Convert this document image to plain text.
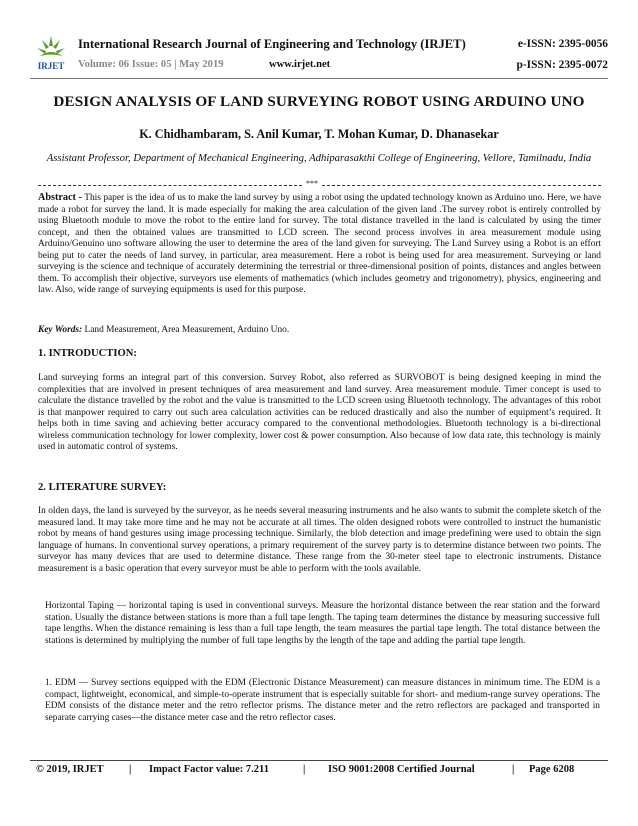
IRJET
International Research Journal of Engineering and Technology (IRJET)	e-ISSN: 2395-0056
Volume: 06 Issue: 05 | May 2019	www.irjet.net	p-ISSN: 2395-0072
DESIGN ANALYSIS OF LAND SURVEYING ROBOT USING ARDUINO UNO
K. Chidhambaram, S. Anil Kumar, T. Mohan Kumar, D. Dhanasekar
Assistant Professor, Department of Mechanical Engineering, Adhiparasakthi College of Engineering, Vellore, Tamilnadu, India
***
Abstract - This paper is the idea of us to make the land survey by using a robot using the updated technology known as Arduino uno. Here, we have made a robot for survey the land. It is made especially for making the area calculation of the given land .The survey robot is entirely controlled by using Bluetooth module to move the robot to the entire land for survey. The total distance travelled in the land is calculated by using the timer concept, and then the obtained values are transmitted to LCD screen. The second process involves in area measurement module using Arduino/Genuino uno software allowing the user to determine the area of the land given for surveying. The Land Survey using a Robot is an effort being put to cater the needs of land survey, in particular, area measurement. Here a robot is being used for area measurement. Surveying or land surveying is the science and technique of accurately determining the terrestrial or three-dimensional position of points, distances and angles between them. To accomplish their objective, surveyors use elements of mathematics (which includes geometry and trigonometry), physics, engineering and law. Also, wide range of surveying equipments is used for this purpose.
Key Words: Land Measurement, Area Measurement, Arduino Uno.
1. INTRODUCTION:
Land surveying forms an integral part of this conversion. Survey Robot, also referred as SURVOBOT is being designed keeping in mind the complexities that are involved in present techniques of area measurement and land survey. Area measurement module. Timer concept is used to calculate the distance travelled by the robot and the value is transmitted to the LCD screen using Bluetooth technology. The advantages of this robot is that manpower required to carry out such area calculation activities can be reduced drastically and also the number of equipment’s required. It helps both in time saving and achieving better accuracy compared to the conventional methodologies. Bluetooth technology is a bi-directional wireless communication technology for lower complexity, lower cost & power consumption. Also because of low data rate, this technology is mainly used in automatic control of systems.
2. LITERATURE SURVEY:
In olden days, the land is surveyed by the surveyor, as he needs several measuring instruments and he also wants to submit the complete sketch of the measured land. It may take more time and he may not be accurate at all times. The olden designed robots were controlled to instruct the humanistic robot by means of hand gestures using image processing technique. Similarly, the blob detection and image predefining were used to obtain the sign language of humans. In conventional survey operations, a primary requirement of the survey party is to determine distance between two points. The surveyor has many devices that are used to determine distance. These range from the 30-meter steel tape to electronic instruments. Distance measurement is a basic operation that every surveyor must be able to perform with the tools available.
Horizontal Taping — horizontal taping is used in conventional surveys. Measure the horizontal distance between the rear station and the forward station. Usually the distance between stations is more than a full tape length. The taping team determines the distance by measuring successive full tape lengths. When the distance remaining is less than a full tape length, the team measures the partial tape length. The total distance between the stations is determined by multiplying the number of full tape lengths by the length of the tape and adding the partial tape length.
1. EDM — Survey sections equipped with the EDM (Electronic Distance Measurement) can measure distances in minimum time. The EDM is a compact, lightweight, economical, and simple-to-operate instrument that is especially suitable for short- and medium-range survey operations. The EDM consists of the distance meter and the retro reflector prisms. The distance meter and the retro reflectors are packaged and transported in separate carrying cases—the distance meter case and the retro reflector cases.
© 2019, IRJET | Impact Factor value: 7.211	| ISO 9001:2008 Certified Journal	| Page 6208
